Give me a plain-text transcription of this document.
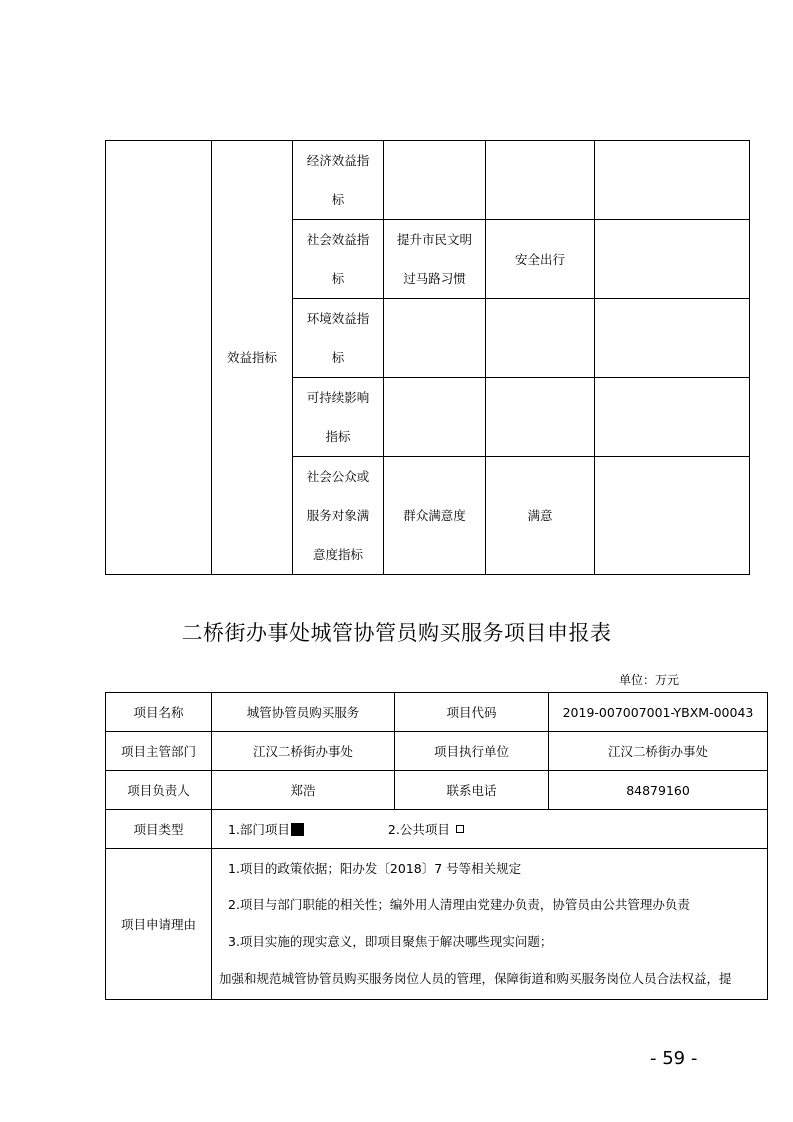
	效益指标	经济效益指标			

		社会效益指标	提升市民文明过马路习惯	安全出行	

		环境效益指标			

		可持续影响指标			

		社会公众或服务对象满意度指标	群众满意度	满意	
二桥街办事处城管协管员购买服务项目申报表
单位：万元
项目名称	城管协管员购买服务	项目代码	2019-007007001-YBXM-00043
项目主管部门	江汉二桥街办事处	项目执行单位	江汉二桥街办事处
项目负责人	郑浩	联系电话	84879160
项目类型	1.部门项目 2.公共项目		
项目申请理由	1.项目的政策依据；阳办发〔2018〕7 号等相关规定
2.项目与部门职能的相关性；编外用人清理由党建办负责，协管员由公共管理办负责
3.项目实施的现实意义，即项目聚焦于解决哪些现实问题；
加强和规范城管协管员购买服务岗位人员的管理，保障街道和购买服务岗位人员合法权益，提		
- 59 -
